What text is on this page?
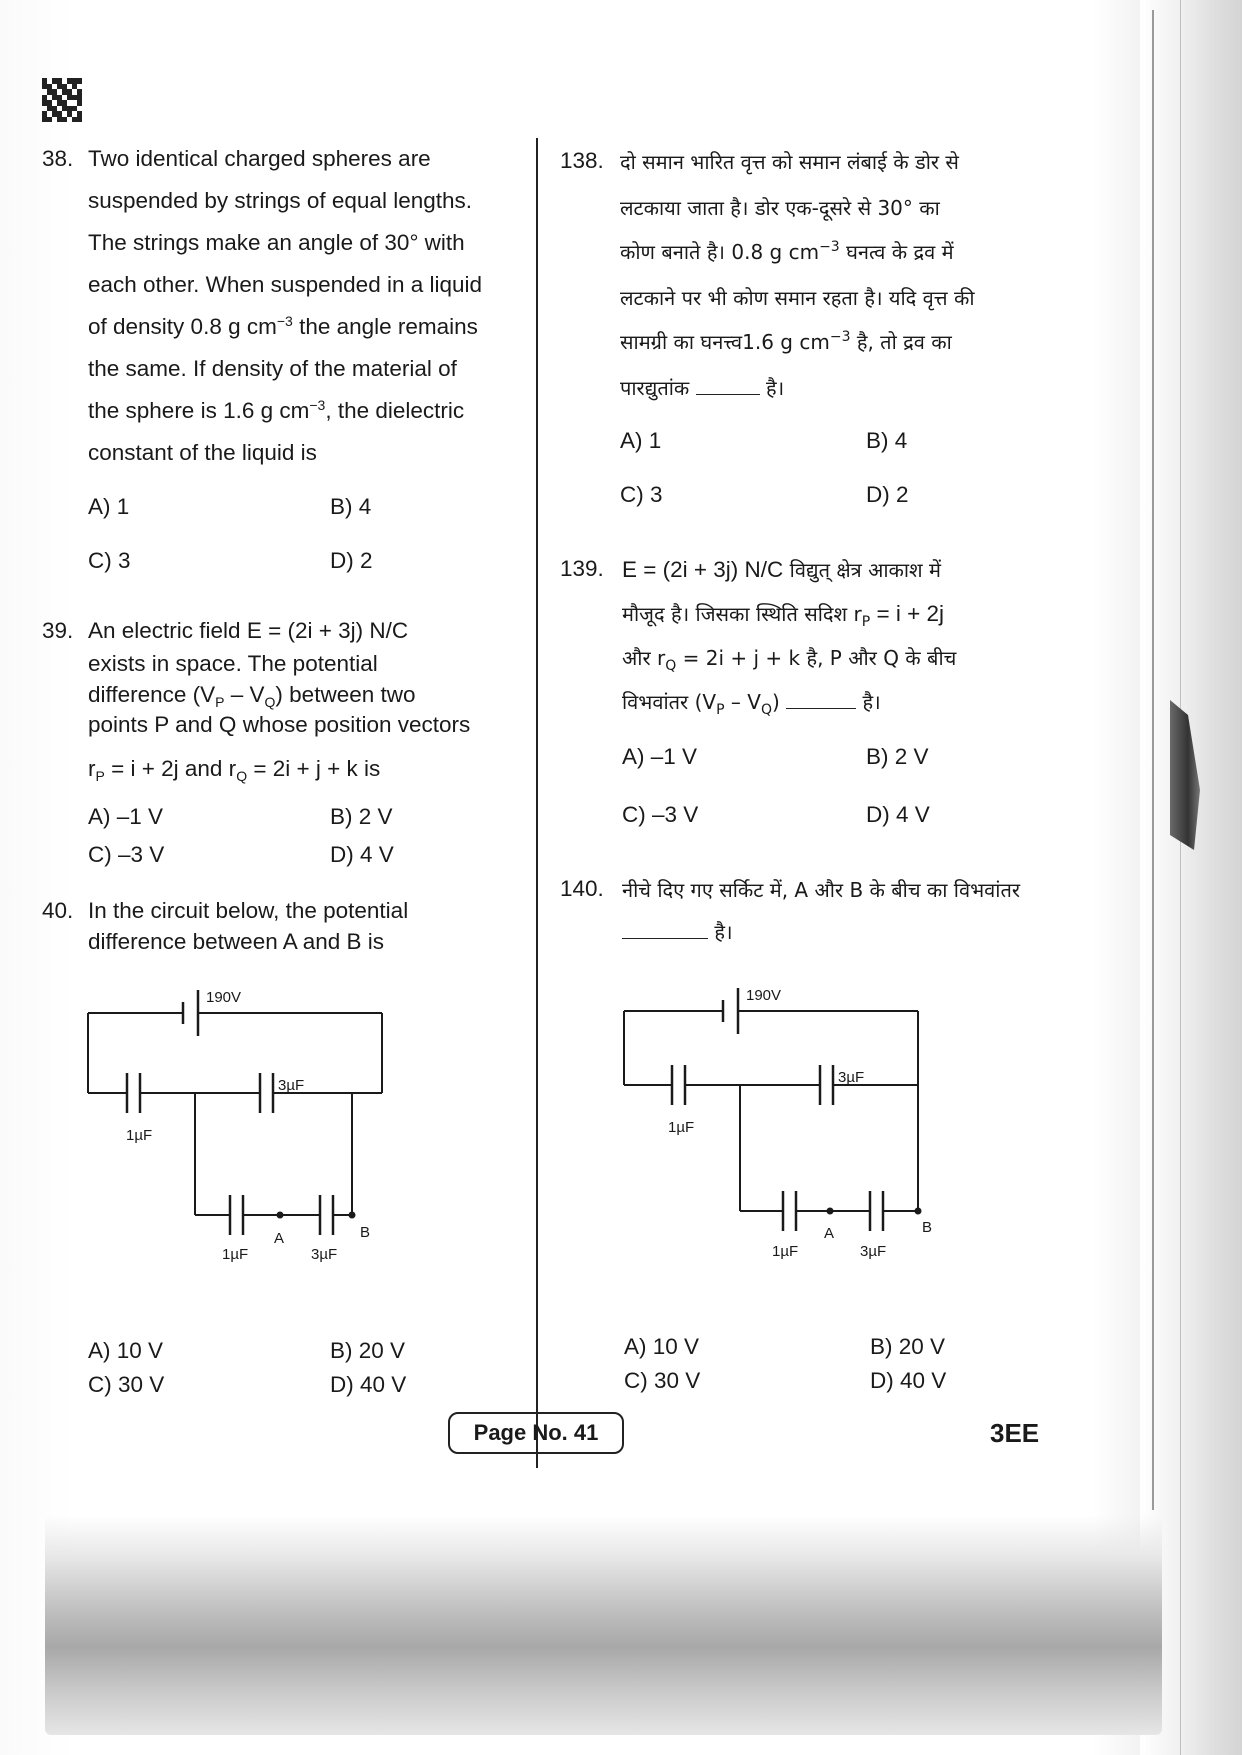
38. Two identical charged spheres are
suspended by strings of equal lengths.
The strings make an angle of 30° with
each other. When suspended in a liquid
of density 0.8 g $cm^{-3}$ the angle remains
the same. If density of the material of
the sphere is 1.6 g $cm^{-3}$, the dielectric
constant of the liquid is
A) 1	B) 4
C) 3	D) 2
39. An electric field E = (2i + 3j) N/C
exists in space. The potential
difference $(V_P - V_Q)$ between two
points P and Q whose position vectors
$r_P = i + 2j$ and $r_Q = 2i + j + k$ is
A) –1 V	B) 2 V
C) –3 V	D) 4 V
40. In the circuit below, the potential
difference between A and B is
190V
3µF
1µF
1µF	3µF
A	B
A) 10 V	B) 20 V
C) 30 V	D) 40 V
138. दो समान भारित वृत्त को समान लंबाई के डोर से
लटकाया जाता है। डोर एक-दूसरे से 30° का
कोण बनाते है। 0.8 g $cm^{-3}$ घनत्व के द्रव में
लटकाने पर भी कोण समान रहता है। यदि वृत्त की
सामग्री का घनत्त्व1.6 g $cm^{-3}$ है, तो द्रव का
पारद्युतांक	है।
A) 1	B) 4
C) 3	D) 2
139. E = (2i + 3j) N/C विद्युत् क्षेत्र आकाश में
मौजूद है। जिसका स्थिति सदिश $r_P = i + 2j$
और $r_Q = 2i + j + k$ है, P और Q के बीच
विभवांतर $(V_P - V_Q)$	है।
A) –1 V	B) 2 V
C) –3 V	D) 4 V
140. नीचे दिए गए सर्किट में, A और B के बीच का विभवांतर
है।
190V
3µF
1µF
1µF	3µF
A	B
A) 10 V	B) 20 V
C) 30 V	D) 40 V
Page No. 41	3EE
